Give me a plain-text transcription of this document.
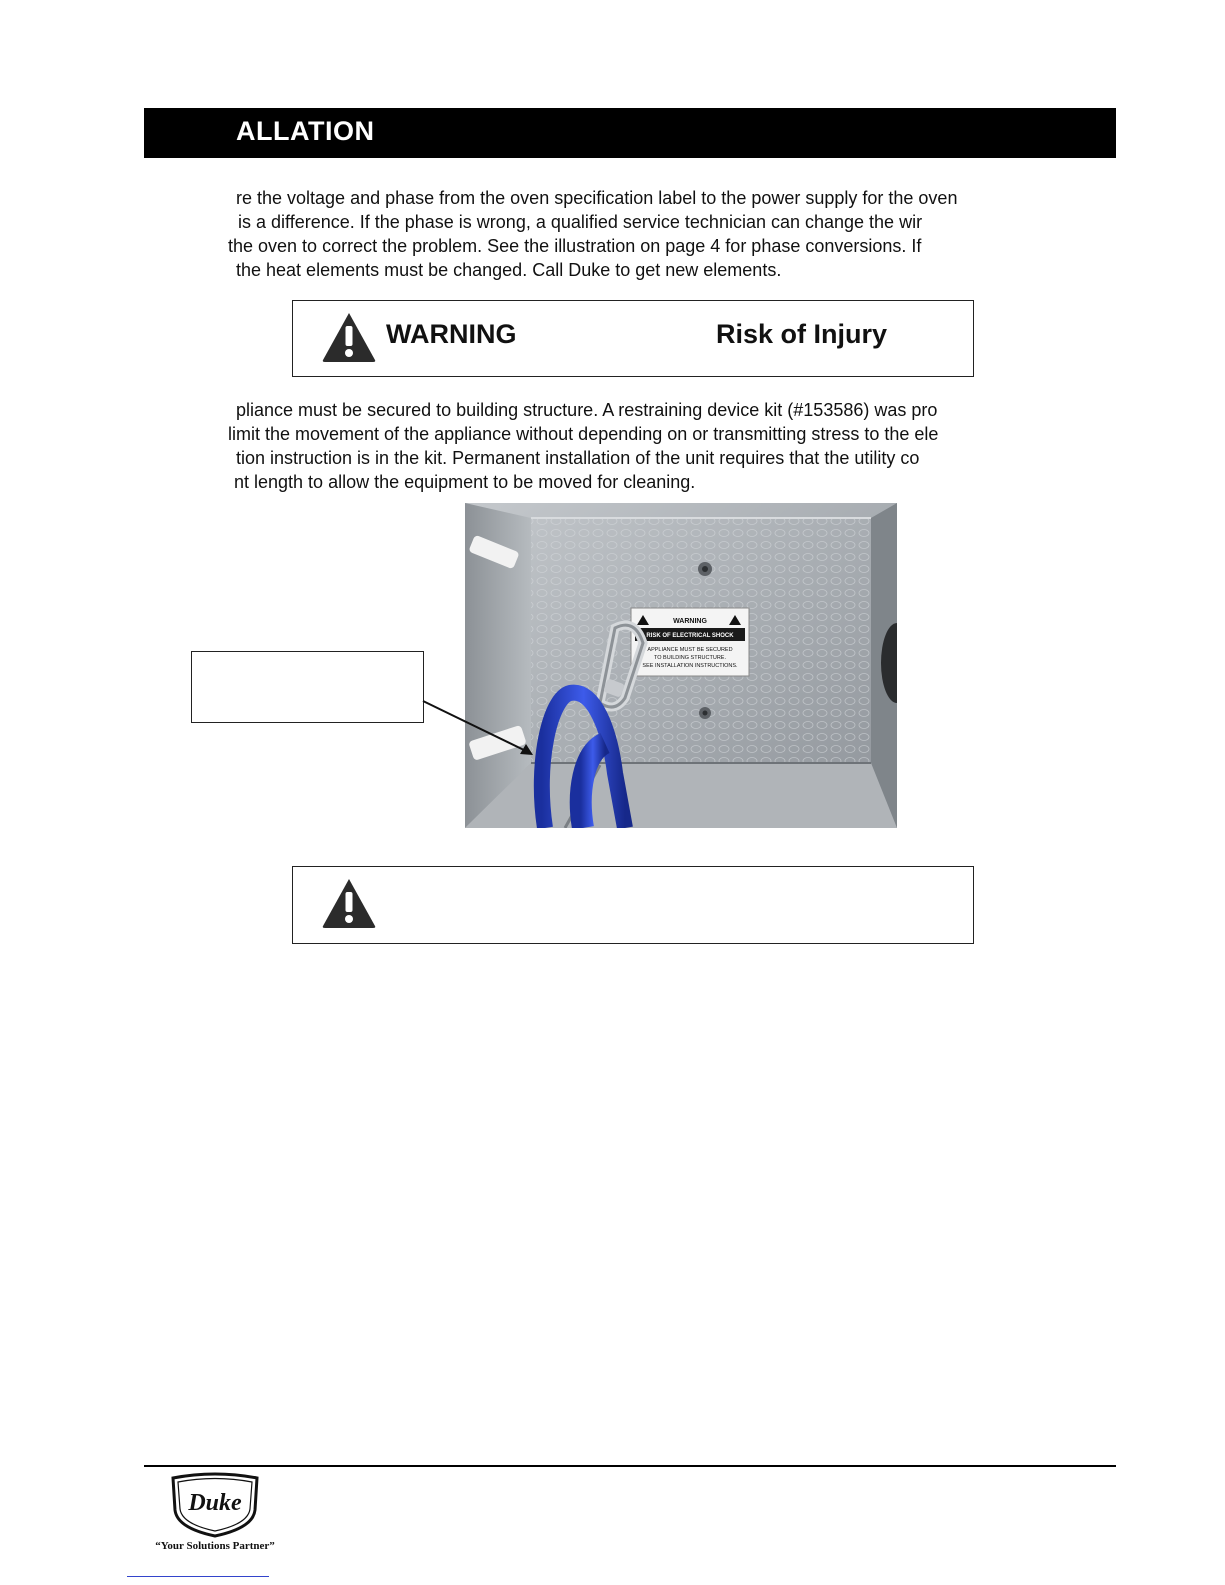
ALLATION
re the voltage and phase from the oven specification label to the power supply for the oven
is a difference. If the phase is wrong, a qualified service technician can change the wir
the oven to correct the problem. See the illustration on page 4 for phase conversions. If
the heat elements must be changed. Call Duke to get new elements.
WARNING	Risk of Injury
pliance must be secured to building structure. A restraining device kit (#153586) was pro
limit the movement of the appliance without depending on or transmitting stress to the ele
tion instruction is in the kit. Permanent installation of the unit requires that the utility co
nt length to allow the equipment to be moved for cleaning.
WARNING
RISK OF ELECTRICAL SHOCK
APPLIANCE MUST BE SECURED
TO BUILDING STRUCTURE.
SEE INSTALLATION INSTRUCTIONS.
Duke
“Your Solutions Partner”
